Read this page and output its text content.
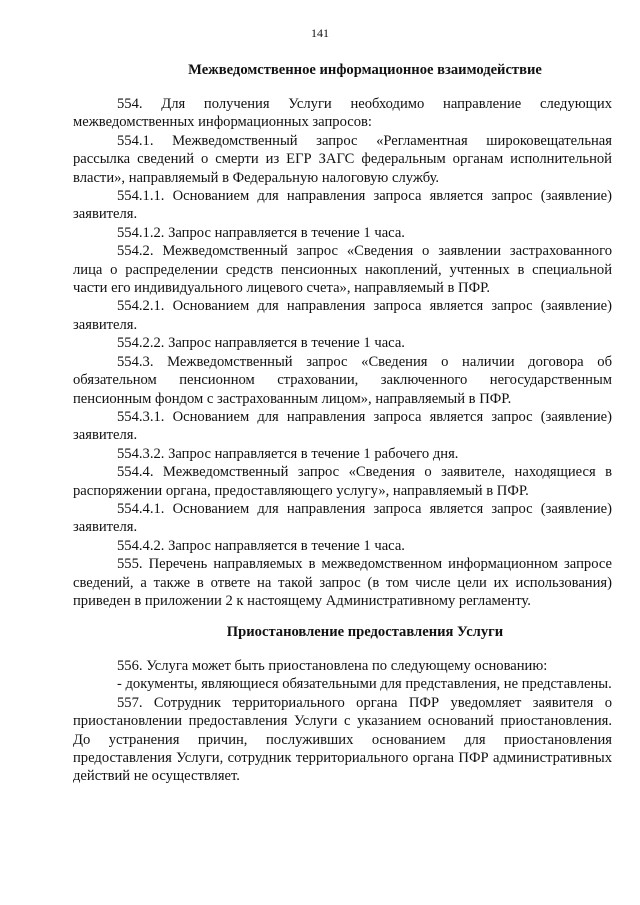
141
Межведомственное информационное взаимодействие

554. Для получения Услуги необходимо направление следующих межведомственных информационных запросов:

554.1. Межведомственный запрос «Регламентная широковещательная рассылка сведений о смерти из ЕГР ЗАГС федеральным органам исполнительной власти», направляемый в Федеральную налоговую службу.

554.1.1. Основанием для направления запроса является запрос (заявление) заявителя.

554.1.2. Запрос направляется в течение 1 часа.

554.2. Межведомственный запрос «Сведения о заявлении застрахованного лица о распределении средств пенсионных накоплений, учтенных в специальной части его индивидуального лицевого счета», направляемый в ПФР.

554.2.1. Основанием для направления запроса является запрос (заявление) заявителя.

554.2.2. Запрос направляется в течение 1 часа.

554.3. Межведомственный запрос «Сведения о наличии договора об обязательном пенсионном страховании, заключенного негосударственным пенсионным фондом с застрахованным лицом», направляемый в ПФР.

554.3.1. Основанием для направления запроса является запрос (заявление) заявителя.

554.3.2. Запрос направляется в течение 1 рабочего дня.

554.4. Межведомственный запрос «Сведения о заявителе, находящиеся в распоряжении органа, предоставляющего услугу», направляемый в ПФР.

554.4.1. Основанием для направления запроса является запрос (заявление) заявителя.

554.4.2. Запрос направляется в течение 1 часа.

555. Перечень направляемых в межведомственном информационном запросе сведений, а также в ответе на такой запрос (в том числе цели их использования) приведен в приложении 2 к настоящему Административному регламенту.

Приостановление предоставления Услуги

556. Услуга может быть приостановлена по следующему основанию:

- документы, являющиеся обязательными для представления, не представлены.

557. Сотрудник территориального органа ПФР уведомляет заявителя о приостановлении предоставления Услуги с указанием оснований приостановления. До устранения причин, послуживших основанием для приостановления предоставления Услуги, сотрудник территориального органа ПФР административных действий не осуществляет.
